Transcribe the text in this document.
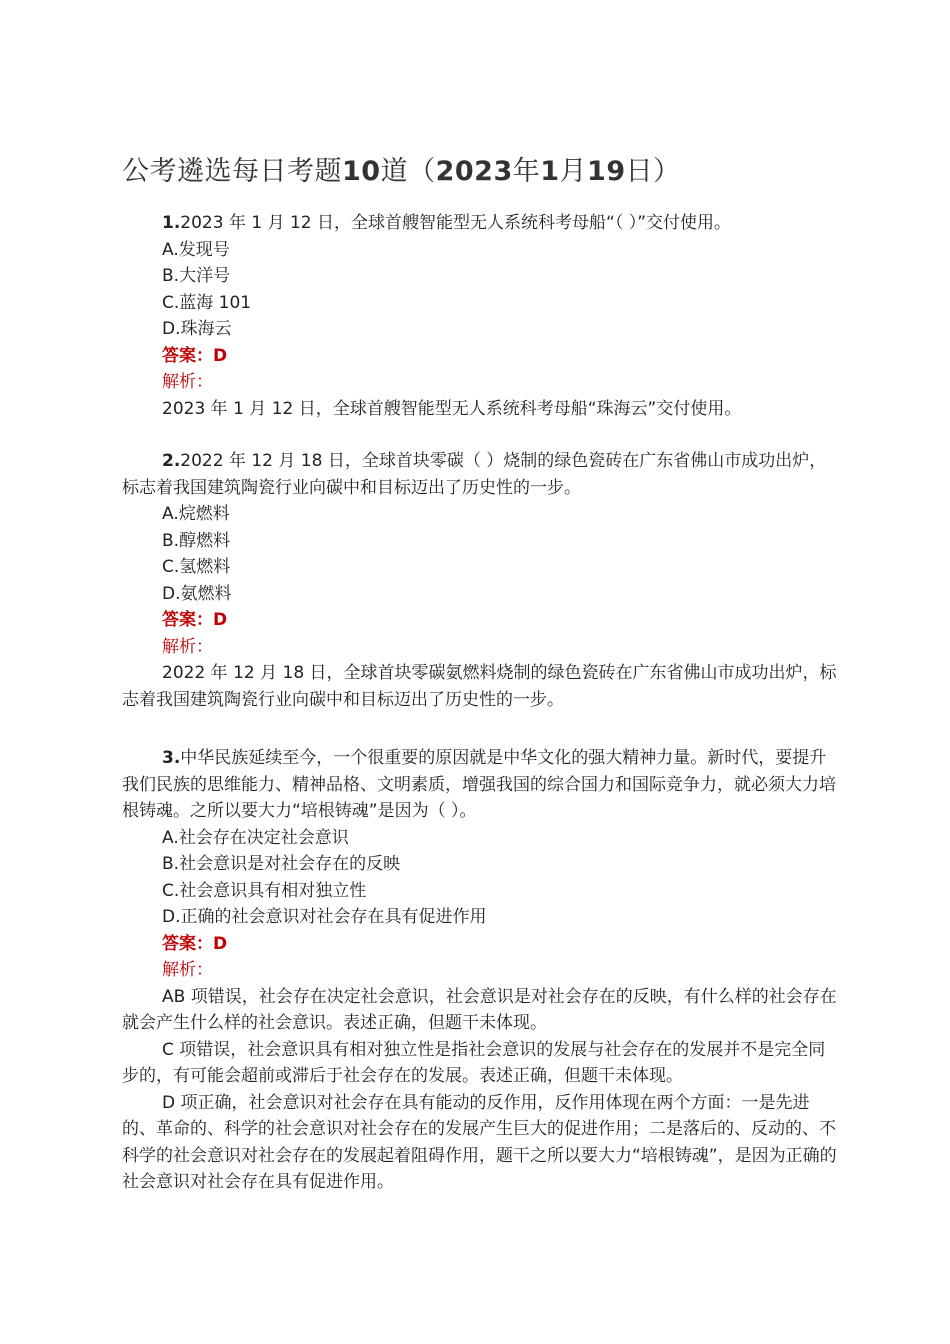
公考遴选每日考题10道（2023年1月19日）

1.2023 年 1 月 12 日，全球首艘智能型无人系统科考母船“（ ）”交付使用。

A.发现号
B.大洋号
C.蓝海 101
D.珠海云
答案：D
解析：

2023 年 1 月 12 日，全球首艘智能型无人系统科考母船“珠海云”交付使用。

2.2022 年 12 月 18 日，全球首块零碳（ ）烧制的绿色瓷砖在广东省佛山市成功出炉，标志着我国建筑陶瓷行业向碳中和目标迈出了历史性的一步。

A.烷燃料
B.醇燃料
C.氢燃料
D.氨燃料
答案：D
解析：

2022 年 12 月 18 日，全球首块零碳氨燃料烧制的绿色瓷砖在广东省佛山市成功出炉，标志着我国建筑陶瓷行业向碳中和目标迈出了历史性的一步。

3.中华民族延续至今，一个很重要的原因就是中华文化的强大精神力量。新时代，要提升我们民族的思维能力、精神品格、文明素质，增强我国的综合国力和国际竞争力，就必须大力培根铸魂。之所以要大力“培根铸魂”是因为（ ）。

A.社会存在决定社会意识
B.社会意识是对社会存在的反映
C.社会意识具有相对独立性
D.正确的社会意识对社会存在具有促进作用
答案：D
解析：

AB 项错误，社会存在决定社会意识，社会意识是对社会存在的反映，有什么样的社会存在就会产生什么样的社会意识。表述正确，但题干未体现。

C 项错误，社会意识具有相对独立性是指社会意识的发展与社会存在的发展并不是完全同步的，有可能会超前或滞后于社会存在的发展。表述正确，但题干未体现。

D 项正确，社会意识对社会存在具有能动的反作用，反作用体现在两个方面：一是先进的、革命的、科学的社会意识对社会存在的发展产生巨大的促进作用；二是落后的、反动的、不科学的社会意识对社会存在的发展起着阻碍作用，题干之所以要大力“培根铸魂”，是因为正确的社会意识对社会存在具有促进作用。
